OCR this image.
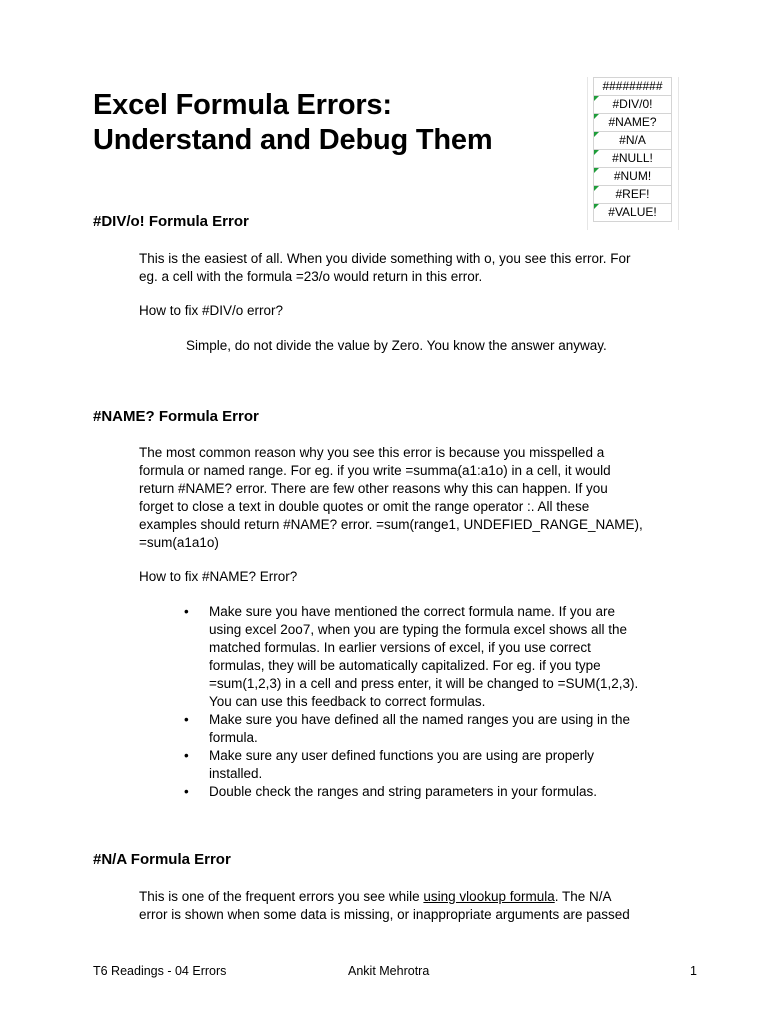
Excel Formula Errors:
Understand and Debug Them
#########
#DIV/0!
#NAME?
#N/A
#NULL!
#NUM!
#REF!
#VALUE!
#DIV/o! Formula Error

This is the easiest of all. When you divide something with o, you see this error. For

eg. a cell with the formula =23/o would return in this error.

How to fix #DIV/o error?
Simple, do not divide the value by Zero. You know the answer anyway.
#NAME? Formula Error

The most common reason why you see this error is because you misspelled a

formula or named range. For eg. if you write =summa(a1:a1o) in a cell, it would

return #NAME? error. There are few other reasons why this can happen. If you

forget to close a text in double quotes or omit the range operator :. All these

examples should return #NAME? error. =sum(range1, UNDEFIED_RANGE_NAME),

=sum(a1a1o)

How to fix #NAME? Error?

• Make sure you have mentioned the correct formula name. If you are

using excel 2oo7, when you are typing the formula excel shows all the

matched formulas. In earlier versions of excel, if you use correct

formulas, they will be automatically capitalized. For eg. if you type

=sum(1,2,3) in a cell and press enter, it will be changed to =SUM(1,2,3).

You can use this feedback to correct formulas.

• Make sure you have defined all the named ranges you are using in the

formula.

• Make sure any user defined functions you are using are properly

installed.

• Double check the ranges and string parameters in your formulas.

#N/A Formula Error

This is one of the frequent errors you see while using vlookup formula. The N/A

error is shown when some data is missing, or inappropriate arguments are passed

T6 Readings - 04 Errors	Ankit Mehrotra	1
